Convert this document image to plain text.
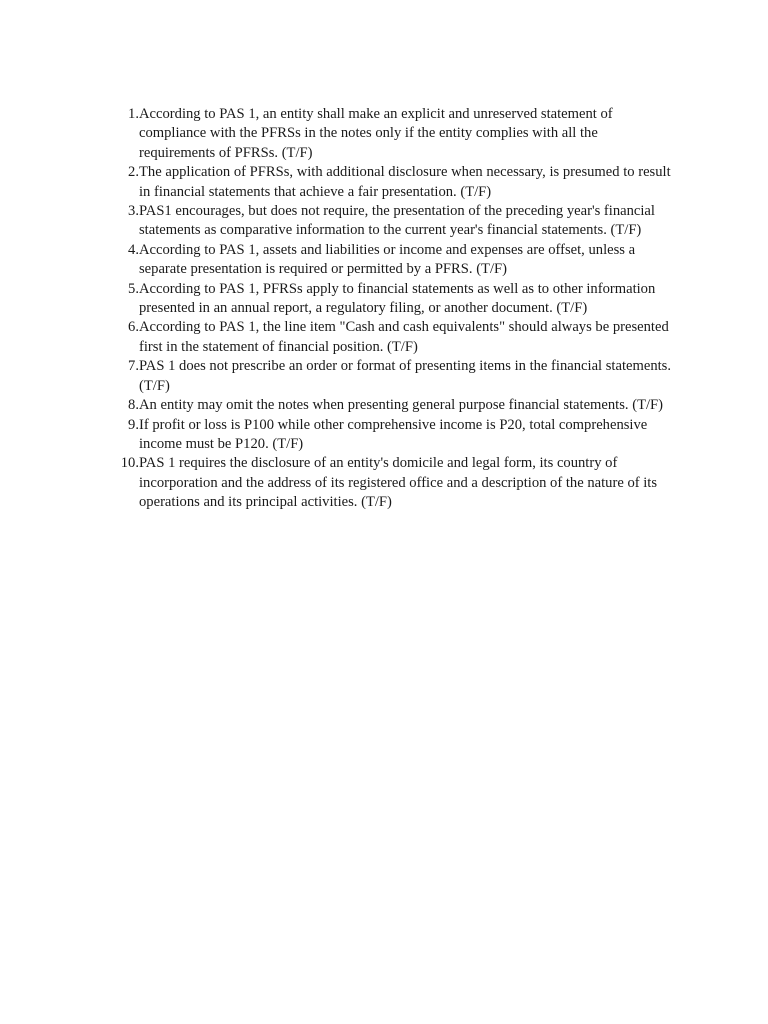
1. According to PAS 1, an entity shall make an explicit and unreserved statement of compliance with the PFRSs in the notes only if the entity complies with all the requirements of PFRSs. (T/F)
2. The application of PFRSs, with additional disclosure when necessary, is presumed to result in financial statements that achieve a fair presentation. (T/F)
3. PAS1 encourages, but does not require, the presentation of the preceding year's financial statements as comparative information to the current year's financial statements. (T/F)
4. According to PAS 1, assets and liabilities or income and expenses are offset, unless a separate presentation is required or permitted by a PFRS. (T/F)
5. According to PAS 1, PFRSs apply to financial statements as well as to other information presented in an annual report, a regulatory filing, or another document. (T/F)
6. According to PAS 1, the line item "Cash and cash equivalents" should always be presented first in the statement of financial position. (T/F)
7. PAS 1 does not prescribe an order or format of presenting items in the financial statements. (T/F)
8. An entity may omit the notes when presenting general purpose financial statements. (T/F)
9. If profit or loss is P100 while other comprehensive income is P20, total comprehensive income must be P120. (T/F)
10. PAS 1 requires the disclosure of an entity's domicile and legal form, its country of incorporation and the address of its registered office and a description of the nature of its operations and its principal activities. (T/F)
